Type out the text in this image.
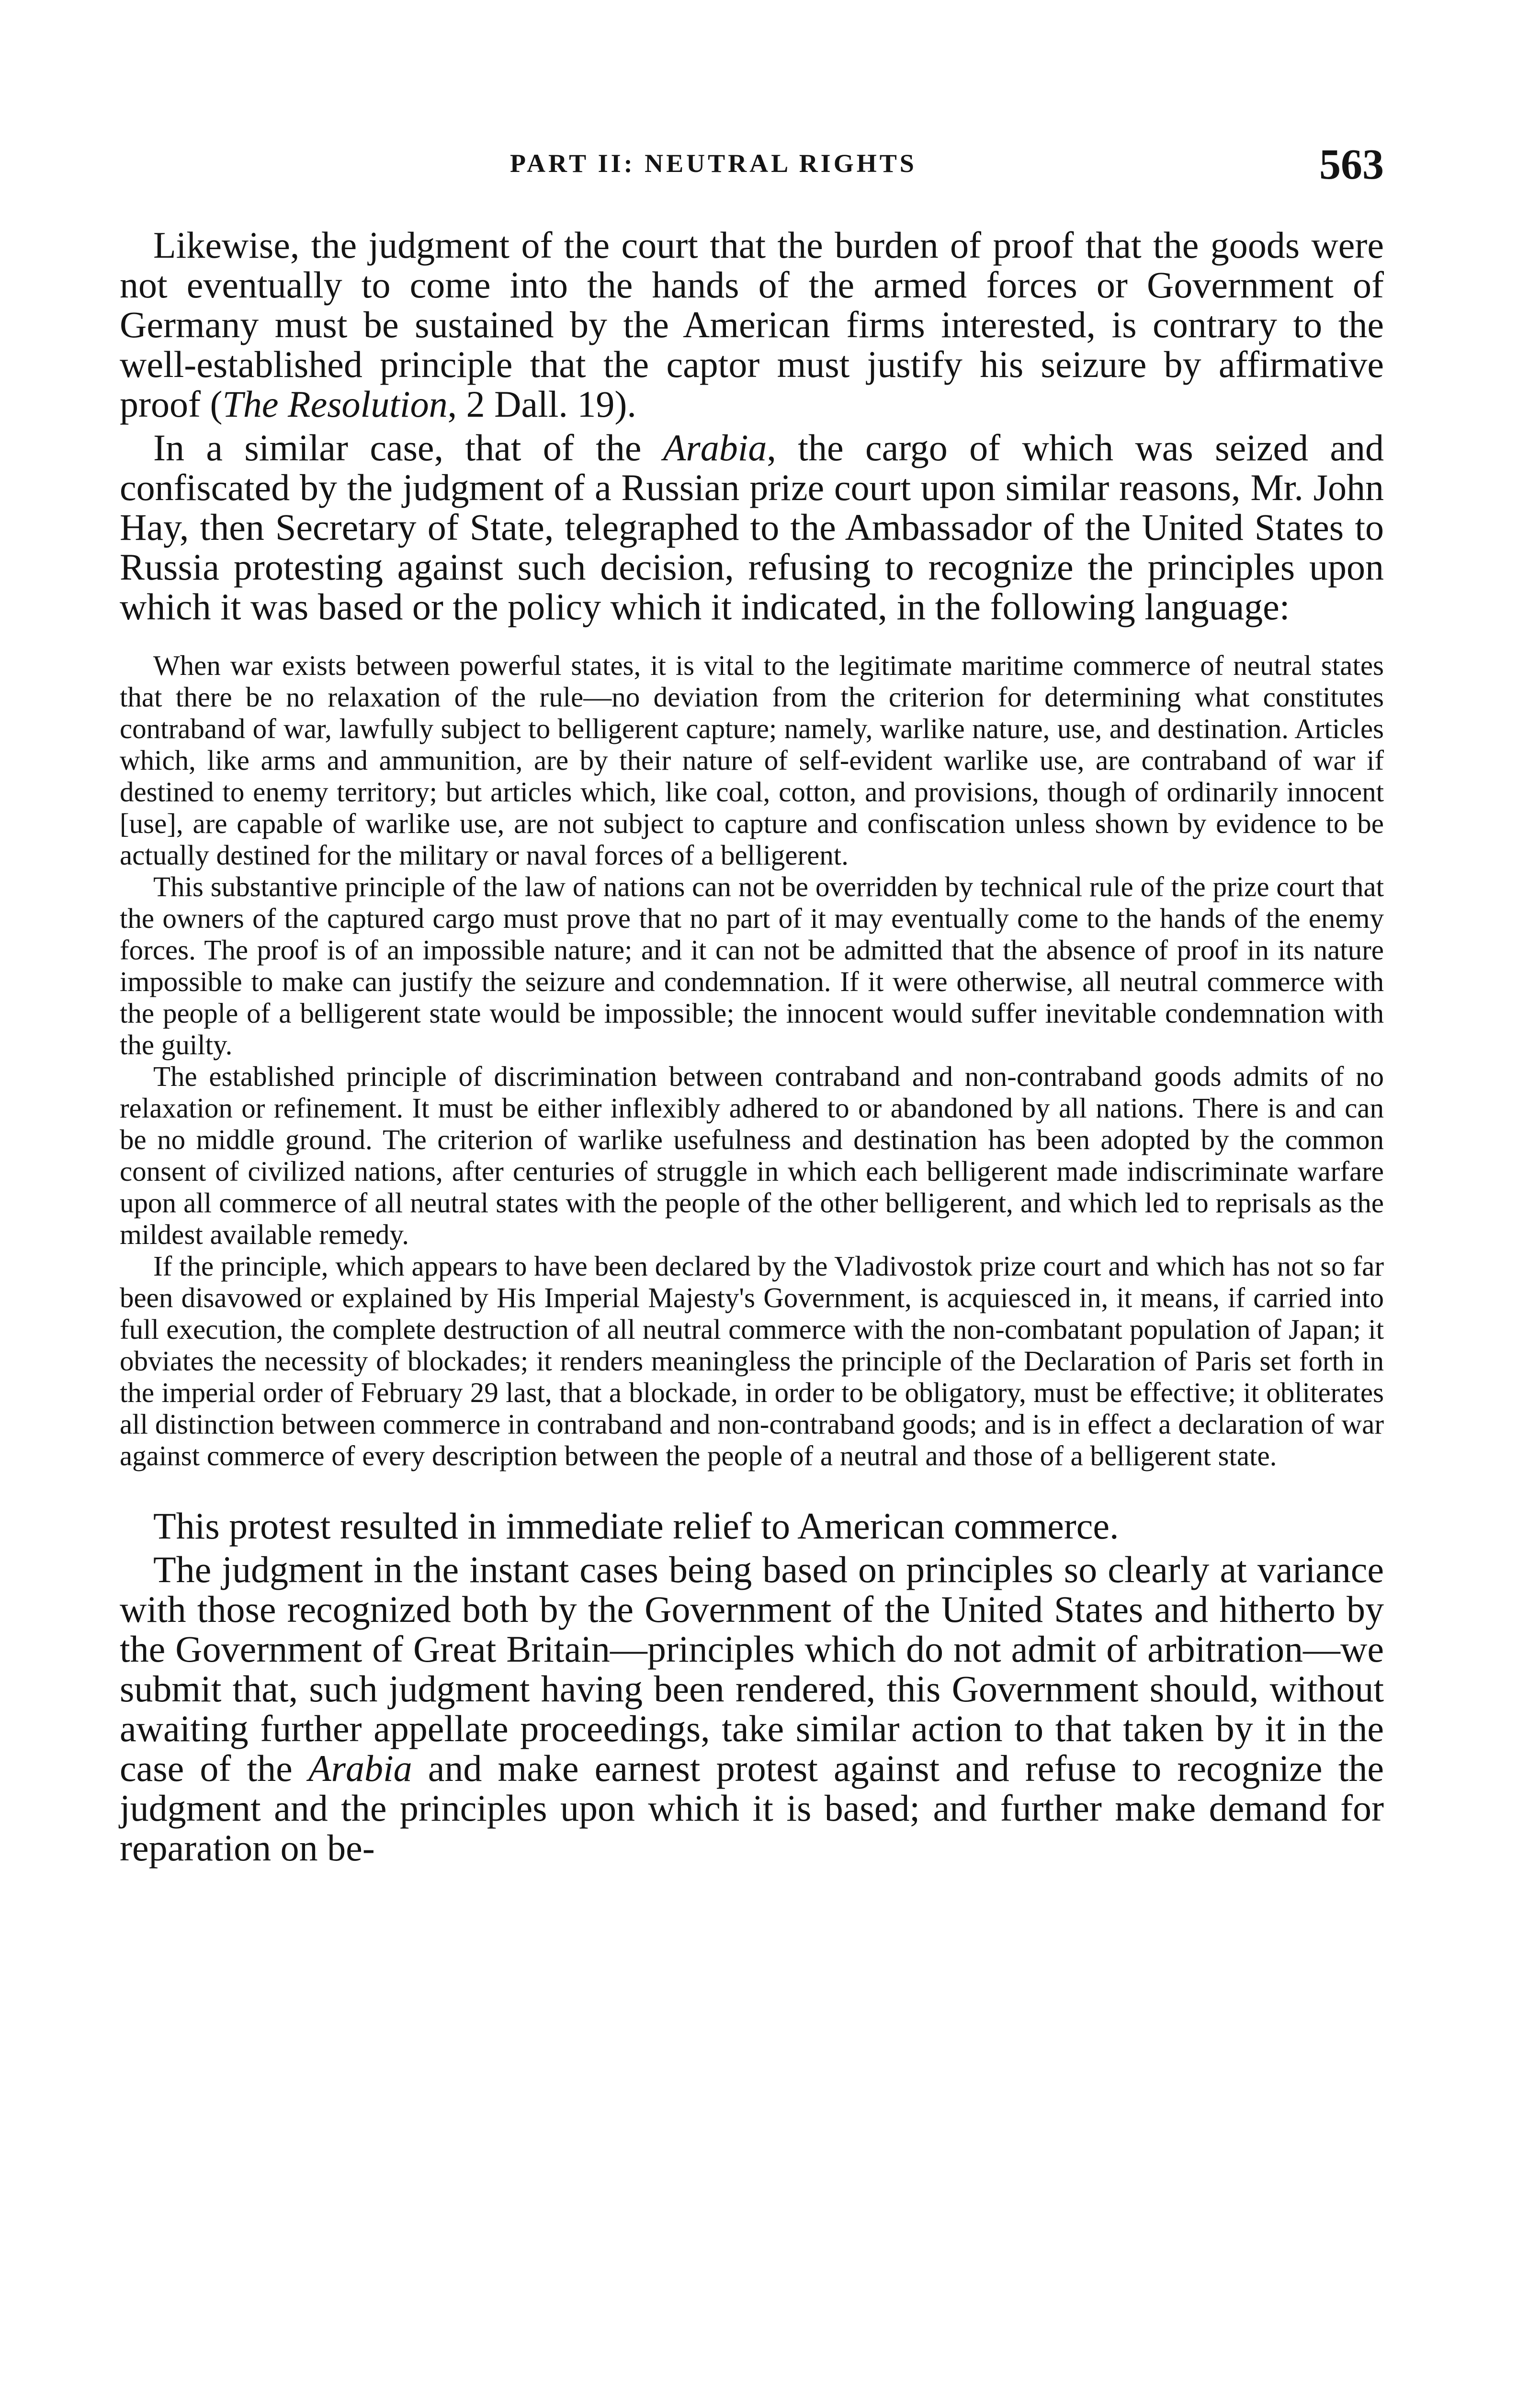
PART II: NEUTRAL RIGHTS	563

Likewise, the judgment of the court that the burden of proof that the goods were not eventually to come into the hands of the armed forces or Government of Germany must be sustained by the American firms interested, is contrary to the well-established principle that the captor must justify his seizure by affirmative proof (The Resolution, 2 Dall. 19).

In a similar case, that of the Arabia, the cargo of which was seized and confiscated by the judgment of a Russian prize court upon similar reasons, Mr. John Hay, then Secretary of State, telegraphed to the Ambassador of the United States to Russia protesting against such decision, refusing to recognize the principles upon which it was based or the policy which it indicated, in the following language:

When war exists between powerful states, it is vital to the legitimate maritime commerce of neutral states that there be no relaxation of the rule—no deviation from the criterion for determining what constitutes contraband of war, lawfully subject to belligerent capture; namely, warlike nature, use, and destination. Articles which, like arms and ammunition, are by their nature of self-evident warlike use, are contraband of war if destined to enemy territory; but articles which, like coal, cotton, and provisions, though of ordinarily innocent [use], are capable of warlike use, are not subject to capture and confiscation unless shown by evidence to be actually destined for the military or naval forces of a belligerent.

This substantive principle of the law of nations can not be overridden by technical rule of the prize court that the owners of the captured cargo must prove that no part of it may eventually come to the hands of the enemy forces. The proof is of an impossible nature; and it can not be admitted that the absence of proof in its nature impossible to make can justify the seizure and condemnation. If it were otherwise, all neutral commerce with the people of a belligerent state would be impossible; the innocent would suffer inevitable condemnation with the guilty.

The established principle of discrimination between contraband and non-contraband goods admits of no relaxation or refinement. It must be either inflexibly adhered to or abandoned by all nations. There is and can be no middle ground. The criterion of warlike usefulness and destination has been adopted by the common consent of civilized nations, after centuries of struggle in which each belligerent made indiscriminate warfare upon all commerce of all neutral states with the people of the other belligerent, and which led to reprisals as the mildest available remedy.

If the principle, which appears to have been declared by the Vladivostok prize court and which has not so far been disavowed or explained by His Imperial Majesty's Government, is acquiesced in, it means, if carried into full execution, the complete destruction of all neutral commerce with the non-combatant population of Japan; it obviates the necessity of blockades; it renders meaningless the principle of the Declaration of Paris set forth in the imperial order of February 29 last, that a blockade, in order to be obligatory, must be effective; it obliterates all distinction between commerce in contraband and non-contraband goods; and is in effect a declaration of war against commerce of every description between the people of a neutral and those of a belligerent state.

This protest resulted in immediate relief to American commerce.

The judgment in the instant cases being based on principles so clearly at variance with those recognized both by the Government of the United States and hitherto by the Government of Great Britain—principles which do not admit of arbitration—we submit that, such judgment having been rendered, this Government should, without awaiting further appellate proceedings, take similar action to that taken by it in the case of the Arabia and make earnest protest against and refuse to recognize the judgment and the principles upon which it is based; and further make demand for reparation on be-
